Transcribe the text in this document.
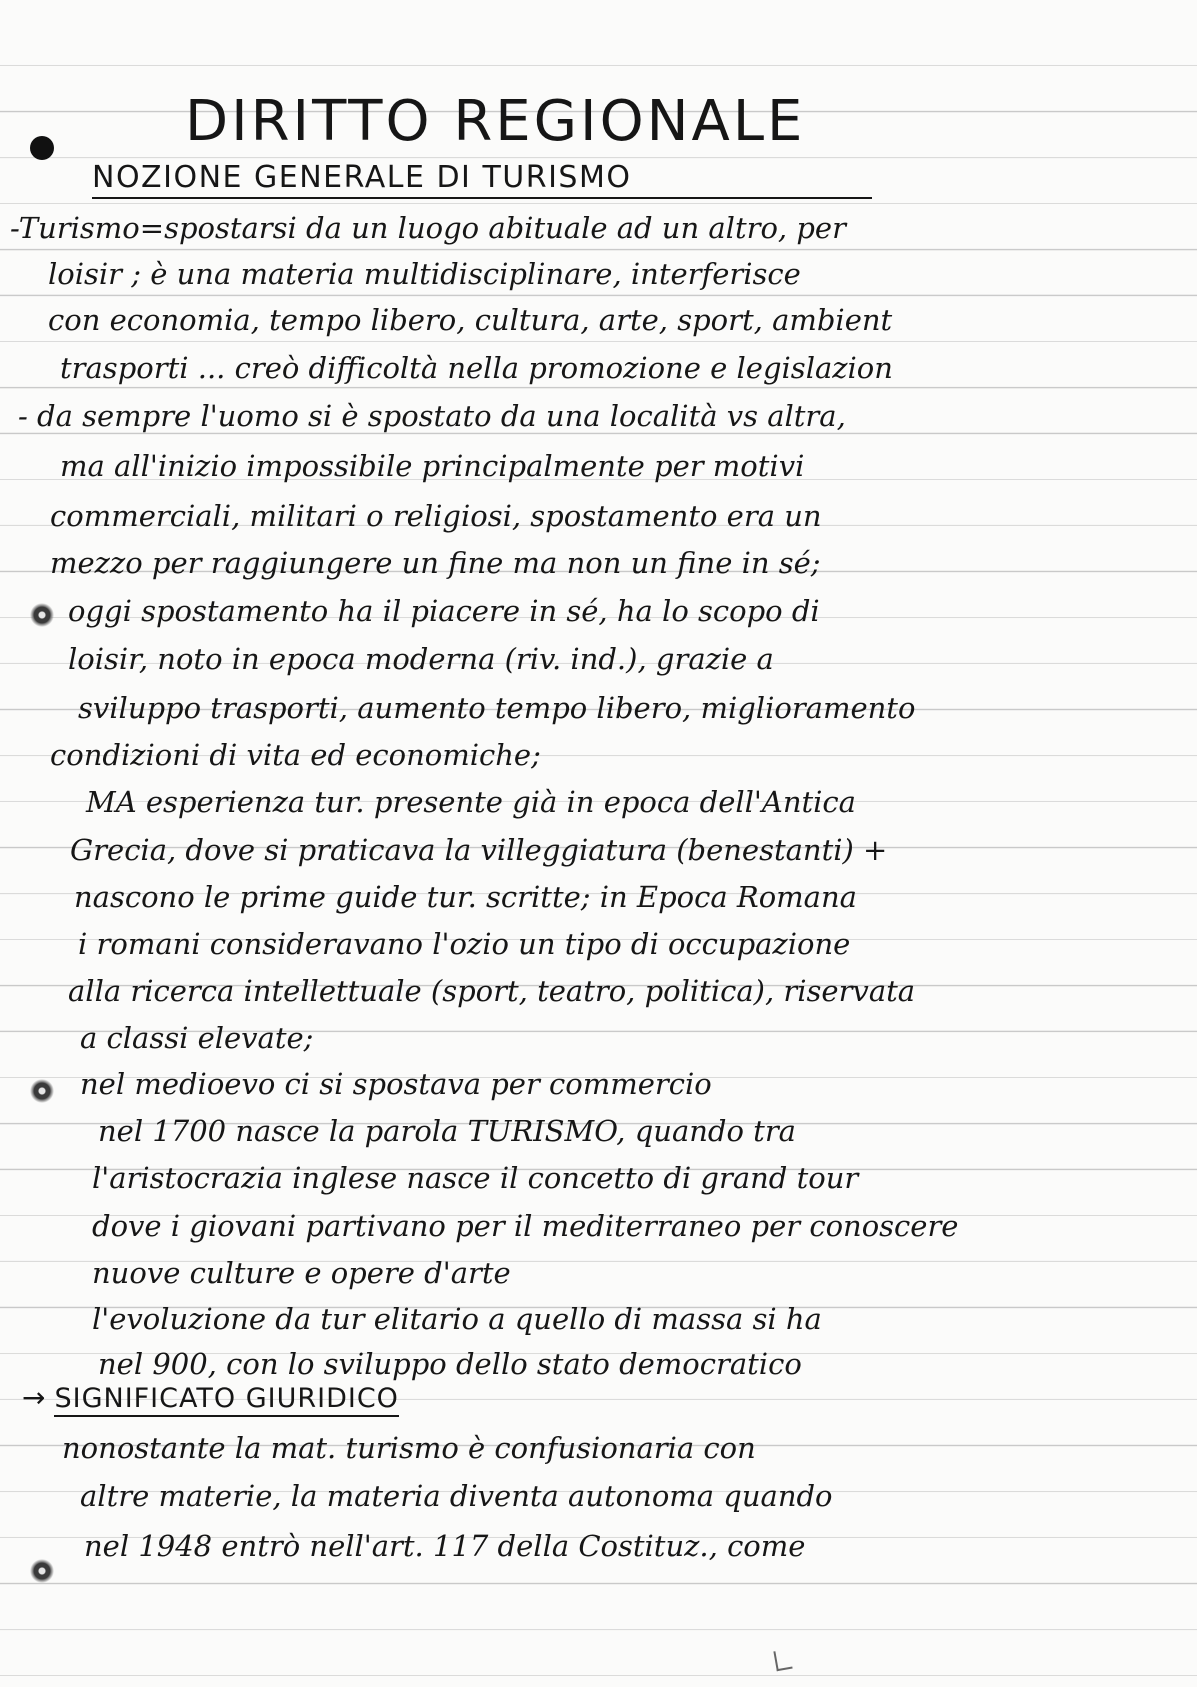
DIRITTO REGIONALE
NOZIONE GENERALE DI TURISMO
-Turismo=spostarsi da un luogo abituale ad un altro, per
loisir ; è una materia multidisciplinare, interferisce
con economia, tempo libero, cultura, arte, sport, ambient
trasporti ... creò difficoltà nella promozione e legislazion
- da sempre l'uomo si è spostato da una località vs altra,
ma all'inizio impossibile principalmente per motivi
commerciali, militari o religiosi, spostamento era un
mezzo per raggiungere un fine ma non un fine in sé;
oggi spostamento ha il piacere in sé, ha lo scopo di
loisir, noto in epoca moderna (riv. ind.), grazie a
sviluppo trasporti, aumento tempo libero, miglioramento
condizioni di vita ed economiche;
MA esperienza tur. presente già in epoca dell'Antica
Grecia, dove si praticava la villeggiatura (benestanti) +
nascono le prime guide tur. scritte; in Epoca Romana
i romani consideravano l'ozio un tipo di occupazione
alla ricerca intellettuale (sport, teatro, politica), riservata
a classi elevate;
nel medioevo ci si spostava per commercio
nel 1700 nasce la parola TURISMO, quando tra
l'aristocrazia inglese nasce il concetto di grand tour
dove i giovani partivano per il mediterraneo per conoscere
nuove culture e opere d'arte
l'evoluzione da tur elitario a quello di massa si ha
nel 900, con lo sviluppo dello stato democratico
→ SIGNIFICATO GIURIDICO
nonostante la mat. turismo è confusionaria con
altre materie, la materia diventa autonoma quando
nel 1948 entrò nell'art. 117 della Costituz., come
